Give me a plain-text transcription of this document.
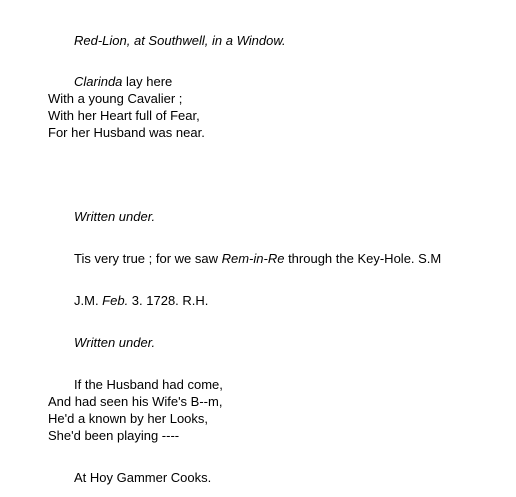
Red-Lion, at Southwell, in a Window.
Clarinda lay here
With a young Cavalier ;
With her Heart full of Fear,
For her Husband was near.
Written under.
Tis very true ; for we saw Rem-in-Re through the Key-Hole. S.M
J.M. Feb. 3. 1728. R.H.
Written under.
If the Husband had come,
And had seen his Wife's B--m,
He'd a known by her Looks,
She'd been playing ----
At Hoy Gammer Cooks.
